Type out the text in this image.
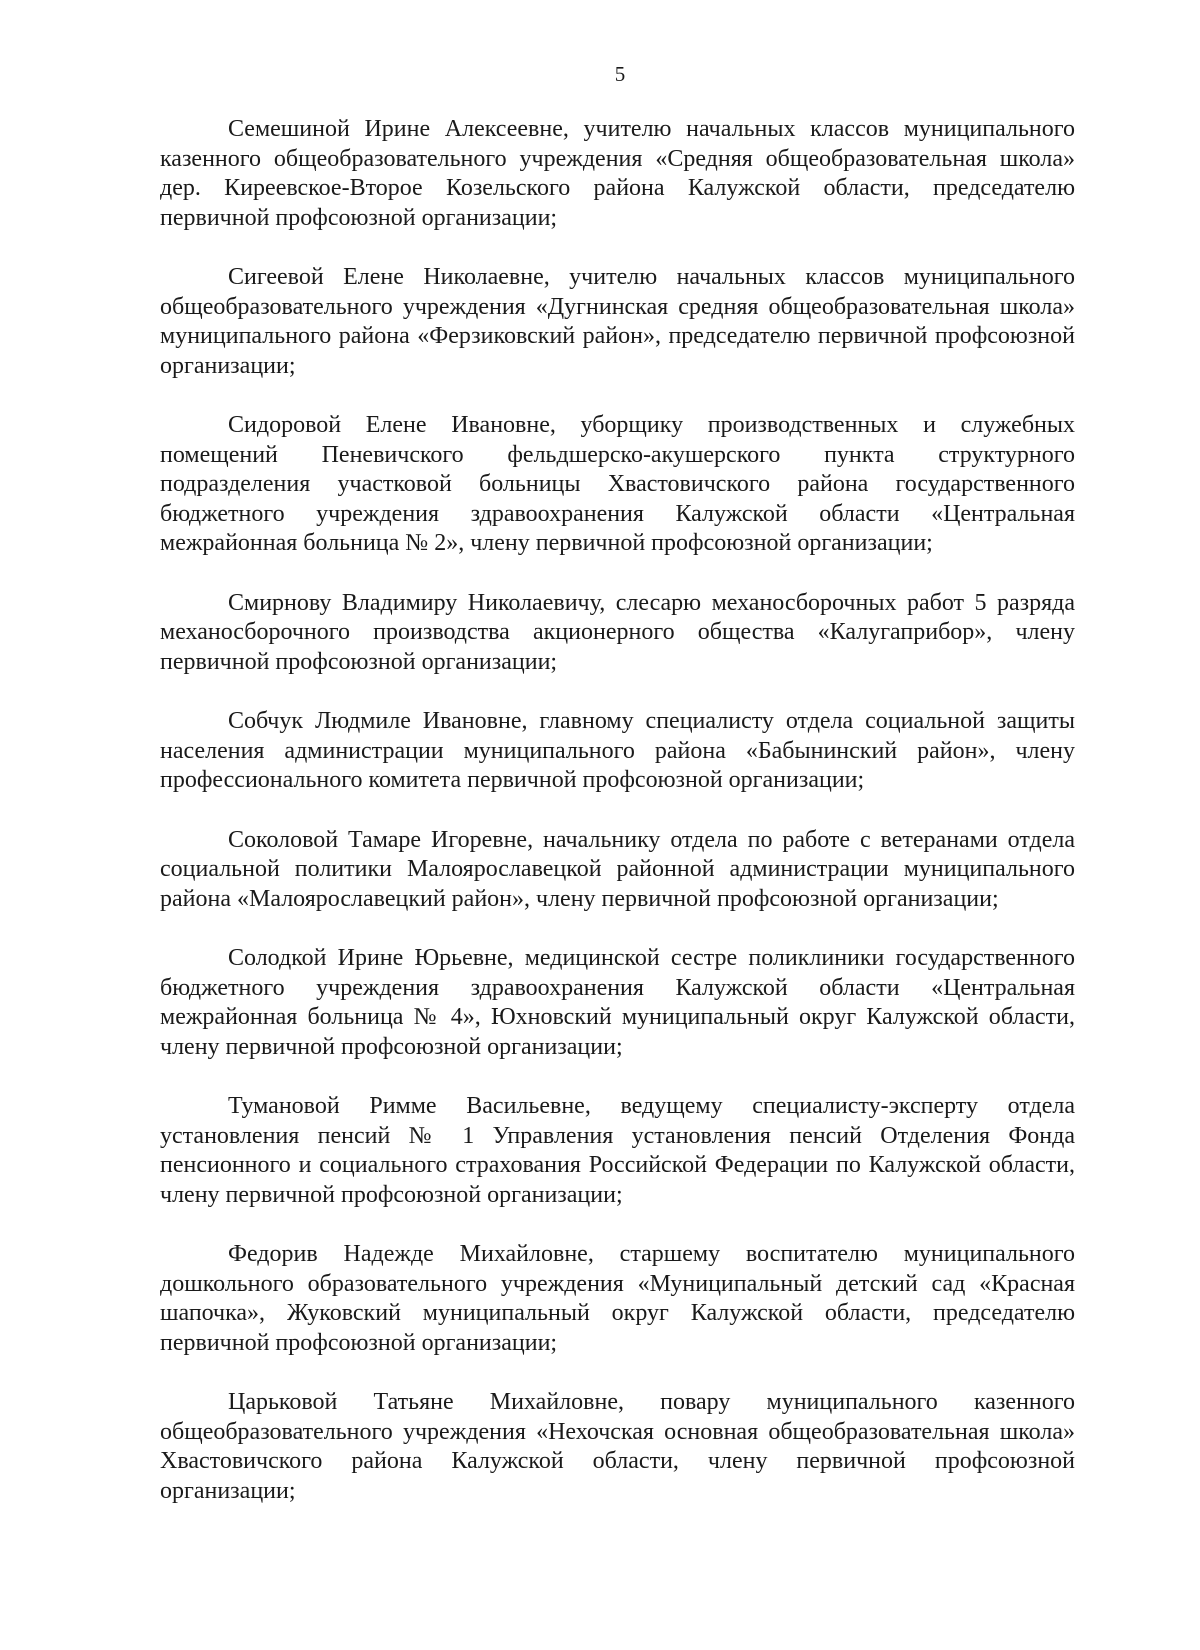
5

Семешиной Ирине Алексеевне, учителю начальных классов муниципального казенного общеобразовательного учреждения «Средняя общеобразовательная школа» дер. Киреевское-Второе Козельского района Калужской области, председателю первичной профсоюзной организации;

Сигеевой Елене Николаевне, учителю начальных классов муниципального общеобразовательного учреждения «Дугнинская средняя общеобразовательная школа» муниципального района «Ферзиковский район», председателю первичной профсоюзной организации;

Сидоровой Елене Ивановне, уборщику производственных и служебных помещений Пеневичского фельдшерско-акушерского пункта структурного подразделения участковой больницы Хвастовичского района государственного бюджетного учреждения здравоохранения Калужской области «Центральная межрайонная больница № 2», члену первичной профсоюзной организации;

Смирнову Владимиру Николаевичу, слесарю механосборочных работ 5 разряда механосборочного производства акционерного общества «Калугаприбор», члену первичной профсоюзной организации;

Собчук Людмиле Ивановне, главному специалисту отдела социальной защиты населения администрации муниципального района «Бабынинский район», члену профессионального комитета первичной профсоюзной организации;

Соколовой Тамаре Игоревне, начальнику отдела по работе с ветеранами отдела социальной политики Малоярославецкой районной администрации муниципального района «Малоярославецкий район», члену первичной профсоюзной организации;

Солодкой Ирине Юрьевне, медицинской сестре поликлиники государственного бюджетного учреждения здравоохранения Калужской области «Центральная межрайонная больница № 4», Юхновский муниципальный округ Калужской области, члену первичной профсоюзной организации;

Тумановой Римме Васильевне, ведущему специалисту-эксперту отдела установления пенсий № 1 Управления установления пенсий Отделения Фонда пенсионного и социального страхования Российской Федерации по Калужской области, члену первичной профсоюзной организации;

Федорив Надежде Михайловне, старшему воспитателю муниципального дошкольного образовательного учреждения «Муниципальный детский сад «Красная шапочка», Жуковский муниципальный округ Калужской области, председателю первичной профсоюзной организации;

Царьковой Татьяне Михайловне, повару муниципального казенного общеобразовательного учреждения «Нехочская основная общеобразовательная школа» Хвастовичского района Калужской области, члену первичной профсоюзной организации;
